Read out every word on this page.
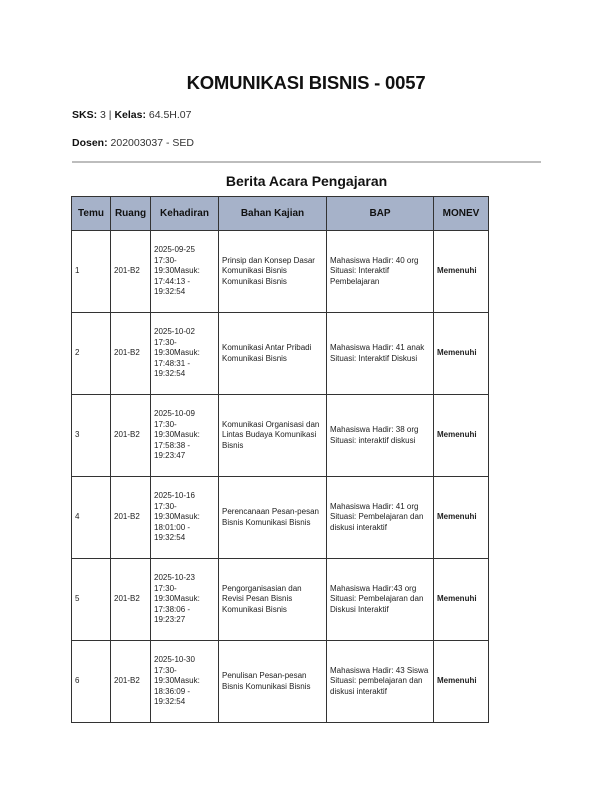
KOMUNIKASI BISNIS - 0057
SKS: 3 | Kelas: 64.5H.07
Dosen: 202003037 - SED
Berita Acara Pengajaran
Temu	Ruang	Kehadiran	Bahan Kajian	BAP	MONEV
1	201-B2	2025-09-25 17:30-19:30Masuk: 17:44:13 - 19:32:54	Prinsip dan Konsep Dasar Komunikasi Bisnis Komunikasi Bisnis	Mahasiswa Hadir: 40 org Situasi: Interaktif Pembelajaran	Memenuhi
2	201-B2	2025-10-02 17:30-19:30Masuk: 17:48:31 - 19:32:54	Komunikasi Antar Pribadi Komunikasi Bisnis	Mahasiswa Hadir: 41 anak Situasi: Interaktif Diskusi	Memenuhi
3	201-B2	2025-10-09 17:30-19:30Masuk: 17:58:38 - 19:23:47	Komunikasi Organisasi dan Lintas Budaya Komunikasi Bisnis	Mahasiswa Hadir: 38 org Situasi: interaktif diskusi	Memenuhi
4	201-B2	2025-10-16 17:30-19:30Masuk: 18:01:00 - 19:32:54	Perencanaan Pesan-pesan Bisnis Komunikasi Bisnis	Mahasiswa Hadir: 41 org Situasi: Pembelajaran dan diskusi interaktif	Memenuhi
5	201-B2	2025-10-23 17:30-19:30Masuk: 17:38:06 - 19:23:27	Pengorganisasian dan Revisi Pesan Bisnis Komunikasi Bisnis	Mahasiswa Hadir:43 org Situasi: Pembelajaran dan Diskusi Interaktif	Memenuhi
6	201-B2	2025-10-30 17:30-19:30Masuk: 18:36:09 - 19:32:54	Penulisan Pesan-pesan Bisnis Komunikasi Bisnis	Mahasiswa Hadir: 43 Siswa Situasi: pembelajaran dan diskusi interaktif	Memenuhi
